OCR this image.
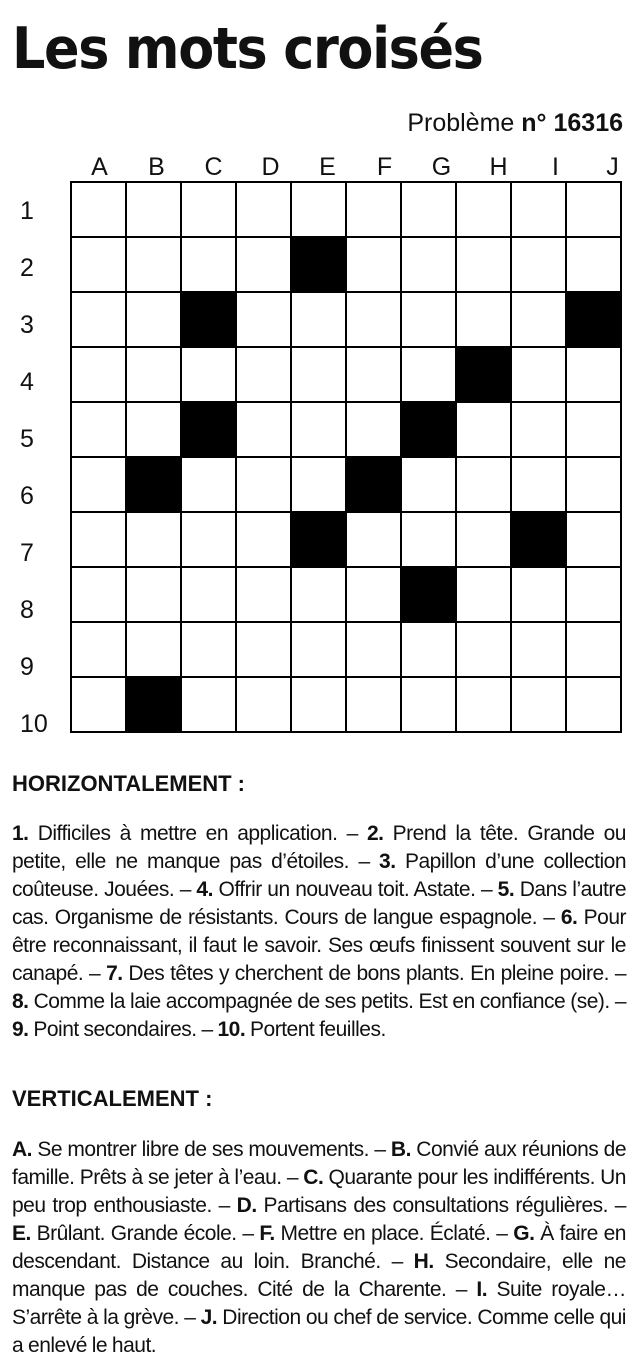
Les mots croisés
Problème n° 16316
A	B	C	D	E	F	G	H	I	J
1
2
3
4
5
6
7
8
9
10
HORIZONTALEMENT :

1. Difficiles à mettre en application. – 2. Prend la tête. Grande ou petite, elle ne manque pas d’étoiles. – 3. Papillon d’une collection coûteuse. Jouées. – 4. Offrir un nouveau toit. Astate. – 5. Dans l’autre cas. Organisme de résistants. Cours de langue espagnole. – 6. Pour être reconnaissant, il faut le savoir. Ses œufs finissent souvent sur le canapé. – 7. Des têtes y cherchent de bons plants. En pleine poire. – 8. Comme la laie accompagnée de ses petits. Est en confiance (se). – 9. Point secondaires. – 10. Portent feuilles.

VERTICALEMENT :

A. Se montrer libre de ses mouvements. – B. Convié aux réunions de famille. Prêts à se jeter à l’eau. – C. Quarante pour les indifférents. Un peu trop enthousiaste. – D. Partisans des consultations régulières. – E. Brûlant. Grande école. – F. Mettre en place. Éclaté. – G. À faire en descendant. Distance au loin. Branché. – H. Secondaire, elle ne manque pas de couches. Cité de la Charente. – I. Suite royale… S’arrête à la grève. – J. Direction ou chef de service. Comme celle qui a enlevé le haut.
